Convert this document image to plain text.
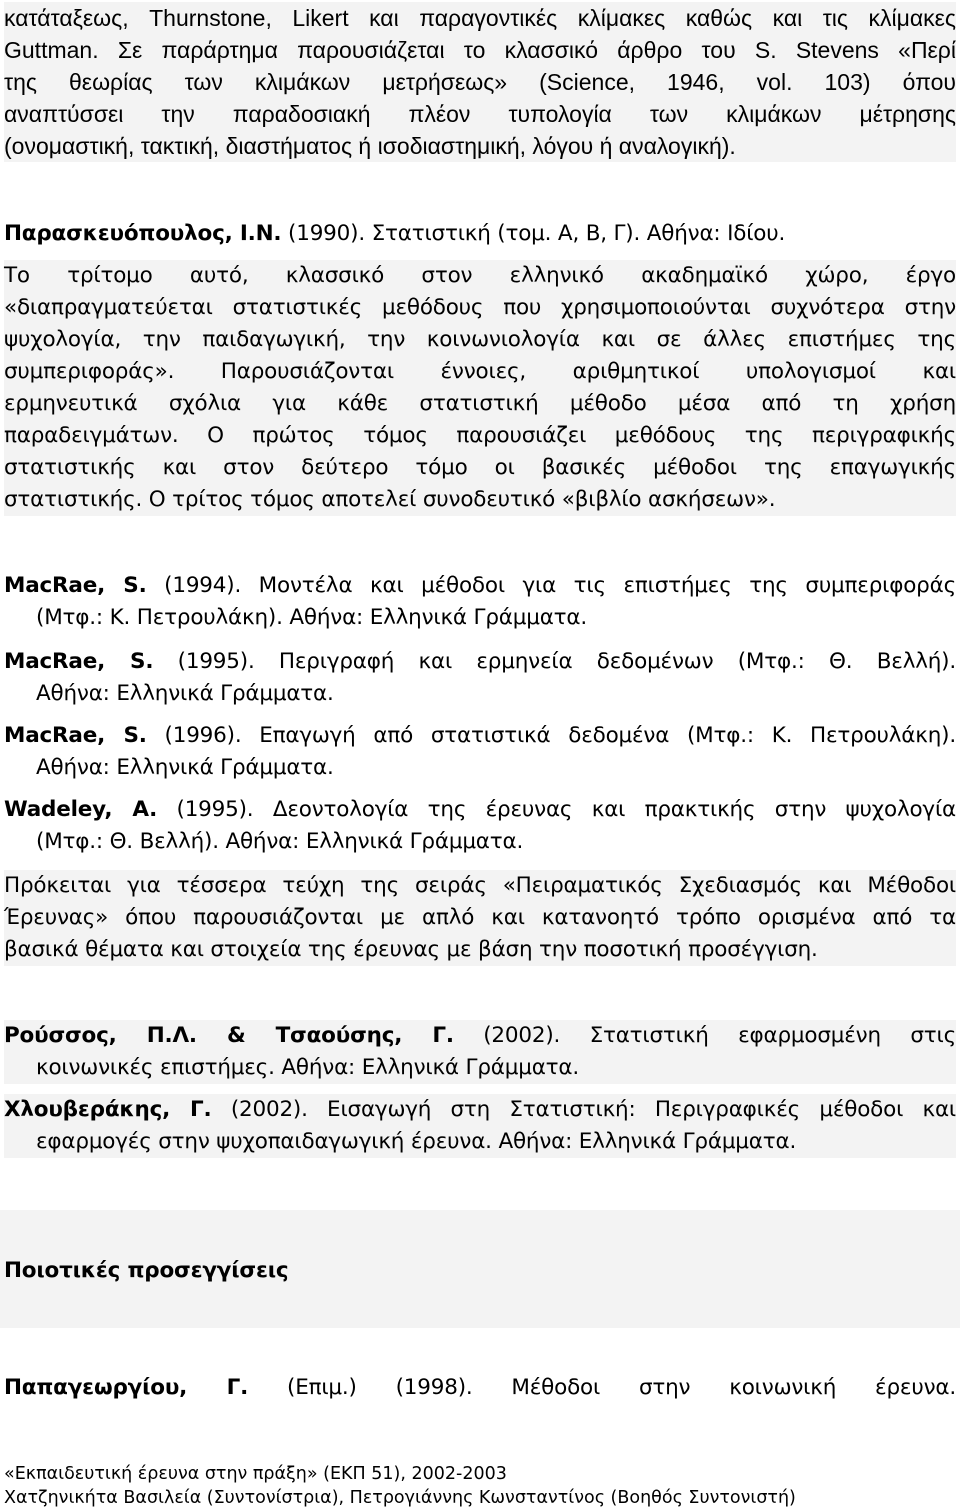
κατάταξεως, Thurnstone, Likert και παραγοντικές κλίμακες καθώς και τις κλίμακες
Guttman. Σε παράρτημα παρουσιάζεται το κλασσικό άρθρο του S. Stevens «Περί
της θεωρίας των κλιμάκων μετρήσεως» (Science, 1946, vol. 103) όπου
αναπτύσσει την παραδοσιακή πλέον τυπολογία των κλιμάκων μέτρησης
(ονομαστική, τακτική, διαστήματος ή ισοδιαστημική, λόγου ή αναλογική).
Παρασκευόπουλος, Ι.Ν. (1990). Στατιστική (τομ. Α, Β, Γ). Αθήνα: Ιδίου.
Το τρίτομο αυτό, κλασσικό στον ελληνικό ακαδημαϊκό χώρο, έργο
«διαπραγματεύεται στατιστικές μεθόδους που χρησιμοποιούνται συχνότερα στην
ψυχολογία, την παιδαγωγική, την κοινωνιολογία και σε άλλες επιστήμες της
συμπεριφοράς». Παρουσιάζονται έννοιες, αριθμητικοί υπολογισμοί και
ερμηνευτικά σχόλια για κάθε στατιστική μέθοδο μέσα από τη χρήση
παραδειγμάτων. Ο πρώτος τόμος παρουσιάζει μεθόδους της περιγραφικής
στατιστικής και στον δεύτερο τόμο οι βασικές μέθοδοι της επαγωγικής
στατιστικής. Ο τρίτος τόμος αποτελεί συνοδευτικό «βιβλίο ασκήσεων».
MacRae, S. (1994). Μοντέλα και μέθοδοι για τις επιστήμες της συμπεριφοράς
(Μτφ.: Κ. Πετρουλάκη). Αθήνα: Ελληνικά Γράμματα.
MacRae, S. (1995). Περιγραφή και ερμηνεία δεδομένων (Μτφ.: Θ. Βελλή).
Αθήνα: Ελληνικά Γράμματα.
MacRae, S. (1996). Επαγωγή από στατιστικά δεδομένα (Μτφ.: Κ. Πετρουλάκη).
Αθήνα: Ελληνικά Γράμματα.
Wadeley, A. (1995). Δεοντολογία της έρευνας και πρακτικής στην ψυχολογία
(Μτφ.: Θ. Βελλή). Αθήνα: Ελληνικά Γράμματα.
Πρόκειται για τέσσερα τεύχη της σειράς «Πειραματικός Σχεδιασμός και Μέθοδοι
Έρευνας» όπου παρουσιάζονται με απλό και κατανοητό τρόπο ορισμένα από τα
βασικά θέματα και στοιχεία της έρευνας με βάση την ποσοτική προσέγγιση.
Ρούσσος, Π.Λ. & Τσαούσης, Γ. (2002). Στατιστική εφαρμοσμένη στις
κοινωνικές επιστήμες. Αθήνα: Ελληνικά Γράμματα.
Χλουβεράκης, Γ. (2002). Εισαγωγή στη Στατιστική: Περιγραφικές μέθοδοι και
εφαρμογές στην ψυχοπαιδαγωγική έρευνα. Αθήνα: Ελληνικά Γράμματα.
Ποιοτικές προσεγγίσεις
Παπαγεωργίου, Γ. (Επιμ.) (1998). Μέθοδοι στην κοινωνική έρευνα.
«Εκπαιδευτική έρευνα στην πράξη» (ΕΚΠ 51), 2002-2003
Χατζηνικήτα Βασιλεία (Συντονίστρια), Πετρογιάννης Κωνσταντίνος (Βοηθός Συντονιστή)
